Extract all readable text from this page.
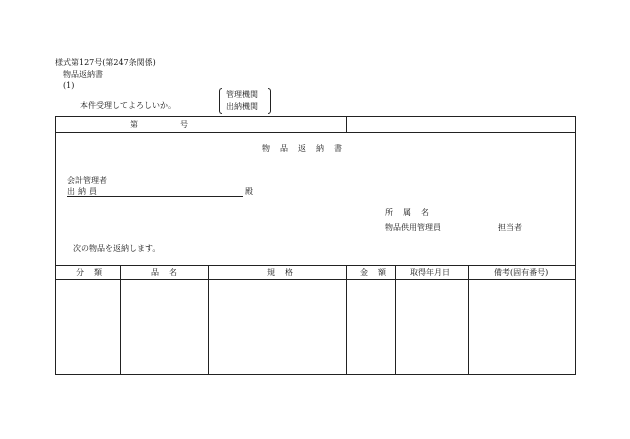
様式第127号(第247条関係)
物品返納書
(1)
本件受理してよろしいか。
管理機関
出納機関
第	号
物品返納書
会計管理者
出納員	殿
所属名
物品供用管理員	担当者
次の物品を返納します。
分類	品名	規格	金額 取得年月日	備考(固有番号)
